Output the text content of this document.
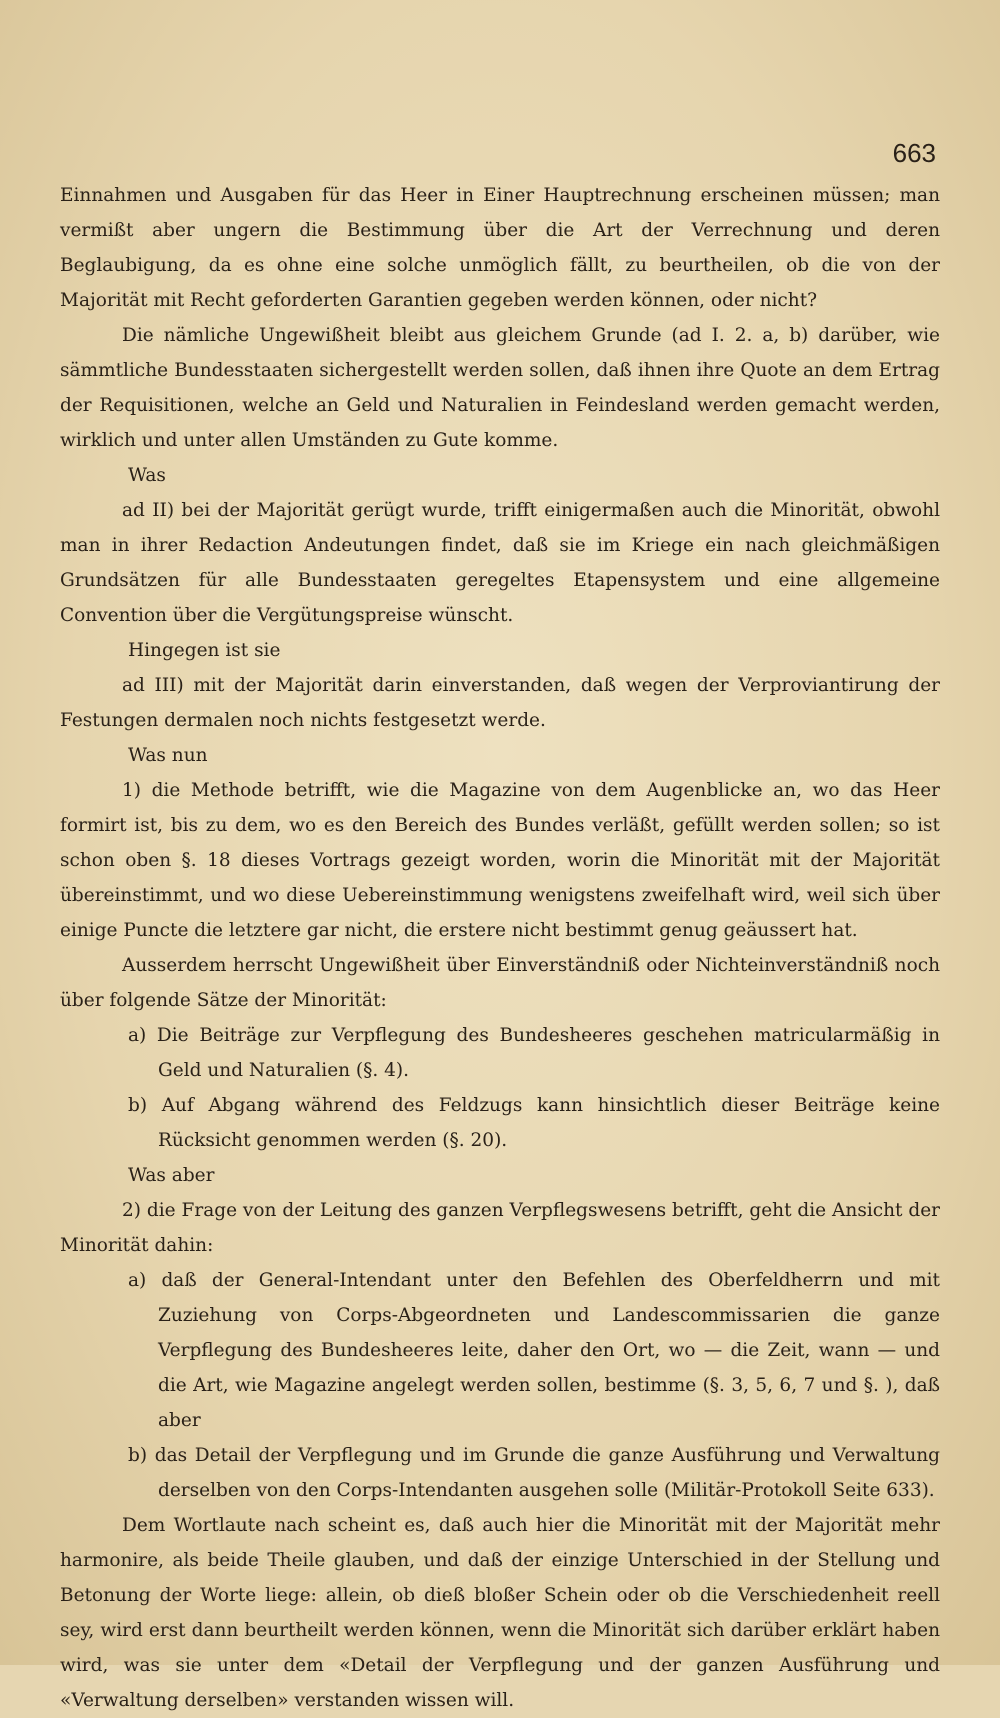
663

Einnahmen und Ausgaben für das Heer in Einer Hauptrechnung erscheinen müssen; man vermißt aber ungern die Bestimmung über die Art der Verrechnung und deren Beglaubigung, da es ohne eine solche unmöglich fällt, zu beurtheilen, ob die von der Majorität mit Recht geforderten Garantien gegeben werden können, oder nicht?

Die nämliche Ungewißheit bleibt aus gleichem Grunde (ad I. 2. a, b) darüber, wie sämmtliche Bundesstaaten sichergestellt werden sollen, daß ihnen ihre Quote an dem Ertrag der Requisitionen, welche an Geld und Naturalien in Feindesland werden gemacht werden, wirklich und unter allen Umständen zu Gute komme.

Was

ad II) bei der Majorität gerügt wurde, trifft einigermaßen auch die Minorität, obwohl man in ihrer Redaction Andeutungen findet, daß sie im Kriege ein nach gleichmäßigen Grundsätzen für alle Bundesstaaten geregeltes Etapensystem und eine allgemeine Convention über die Vergütungspreise wünscht.

Hingegen ist sie

ad III) mit der Majorität darin einverstanden, daß wegen der Verproviantirung der Festungen dermalen noch nichts festgesetzt werde.

Was nun

1) die Methode betrifft, wie die Magazine von dem Augenblicke an, wo das Heer formirt ist, bis zu dem, wo es den Bereich des Bundes verläßt, gefüllt werden sollen; so ist schon oben §. 18 dieses Vortrags gezeigt worden, worin die Minorität mit der Majorität übereinstimmt, und wo diese Uebereinstimmung wenigstens zweifelhaft wird, weil sich über einige Puncte die letztere gar nicht, die erstere nicht bestimmt genug geäussert hat.

Ausserdem herrscht Ungewißheit über Einverständniß oder Nichteinverständniß noch über folgende Sätze der Minorität:

a) Die Beiträge zur Verpflegung des Bundesheeres geschehen matricularmäßig in Geld und Naturalien (§. 4).

b) Auf Abgang während des Feldzugs kann hinsichtlich dieser Beiträge keine Rücksicht genommen werden (§. 20).

Was aber

2) die Frage von der Leitung des ganzen Verpflegswesens betrifft, geht die Ansicht der Minorität dahin:

a) daß der General-Intendant unter den Befehlen des Oberfeldherrn und mit Zuziehung von Corps-Abgeordneten und Landescommissarien die ganze Verpflegung des Bundesheeres leite, daher den Ort, wo — die Zeit, wann — und die Art, wie Magazine angelegt werden sollen, bestimme (§. 3, 5, 6, 7 und §. ), daß aber

b) das Detail der Verpflegung und im Grunde die ganze Ausführung und Verwaltung derselben von den Corps-Intendanten ausgehen solle (Militär-Protokoll Seite 633).

Dem Wortlaute nach scheint es, daß auch hier die Minorität mit der Majorität mehr harmonire, als beide Theile glauben, und daß der einzige Unterschied in der Stellung und Betonung der Worte liege: allein, ob dieß bloßer Schein oder ob die Verschiedenheit reell sey, wird erst dann beurtheilt werden können, wenn die Minorität sich darüber erklärt haben wird, was sie unter dem «Detail der Verpflegung und der ganzen Ausführung und «Verwaltung derselben» verstanden wissen will.
